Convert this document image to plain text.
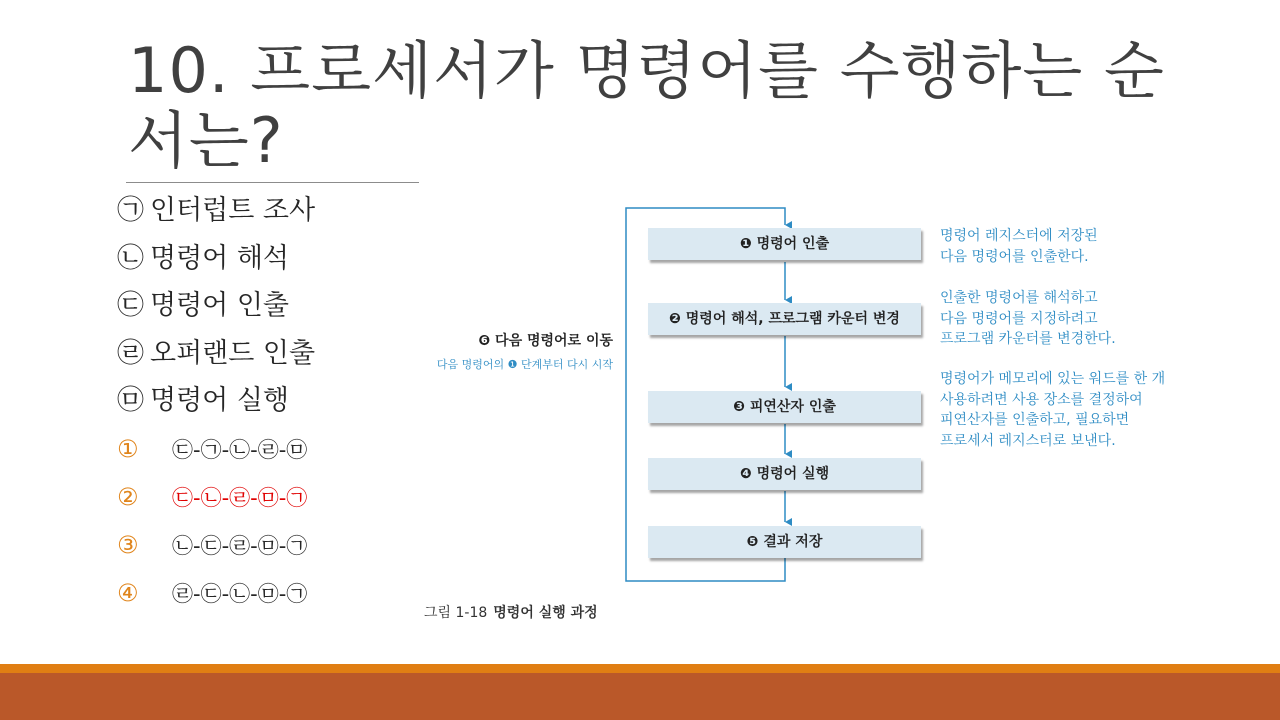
10. 프로세서가 명령어를 수행하는 순서는?
㉠ 인터럽트 조사
㉡ 명령어 해석
㉢ 명령어 인출
㉣ 오퍼랜드 인출
㉤ 명령어 실행
① ㉢-㉠-㉡-㉣-㉤
② ㉢-㉡-㉣-㉤-㉠
③ ㉡-㉢-㉣-㉤-㉠
④ ㉣-㉢-㉡-㉤-㉠
❶ 명령어 인출
❷ 명령어 해석, 프로그램 카운터 변경
❸ 피연산자 인출
❹ 명령어 실행
❺ 결과 저장
명령어 레지스터에 저장된
다음 명령어를 인출한다.
인출한 명령어를 해석하고
다음 명령어를 지정하려고
프로그램 카운터를 변경한다.
명령어가 메모리에 있는 워드를 한 개
사용하려면 사용 장소를 결정하여
피연산자를 인출하고, 필요하면
프로세서 레지스터로 보낸다.
❻ 다음 명령어로 이동
다음 명령어의 ❶ 단계부터 다시 시작
그림 1-18 명령어 실행 과정
